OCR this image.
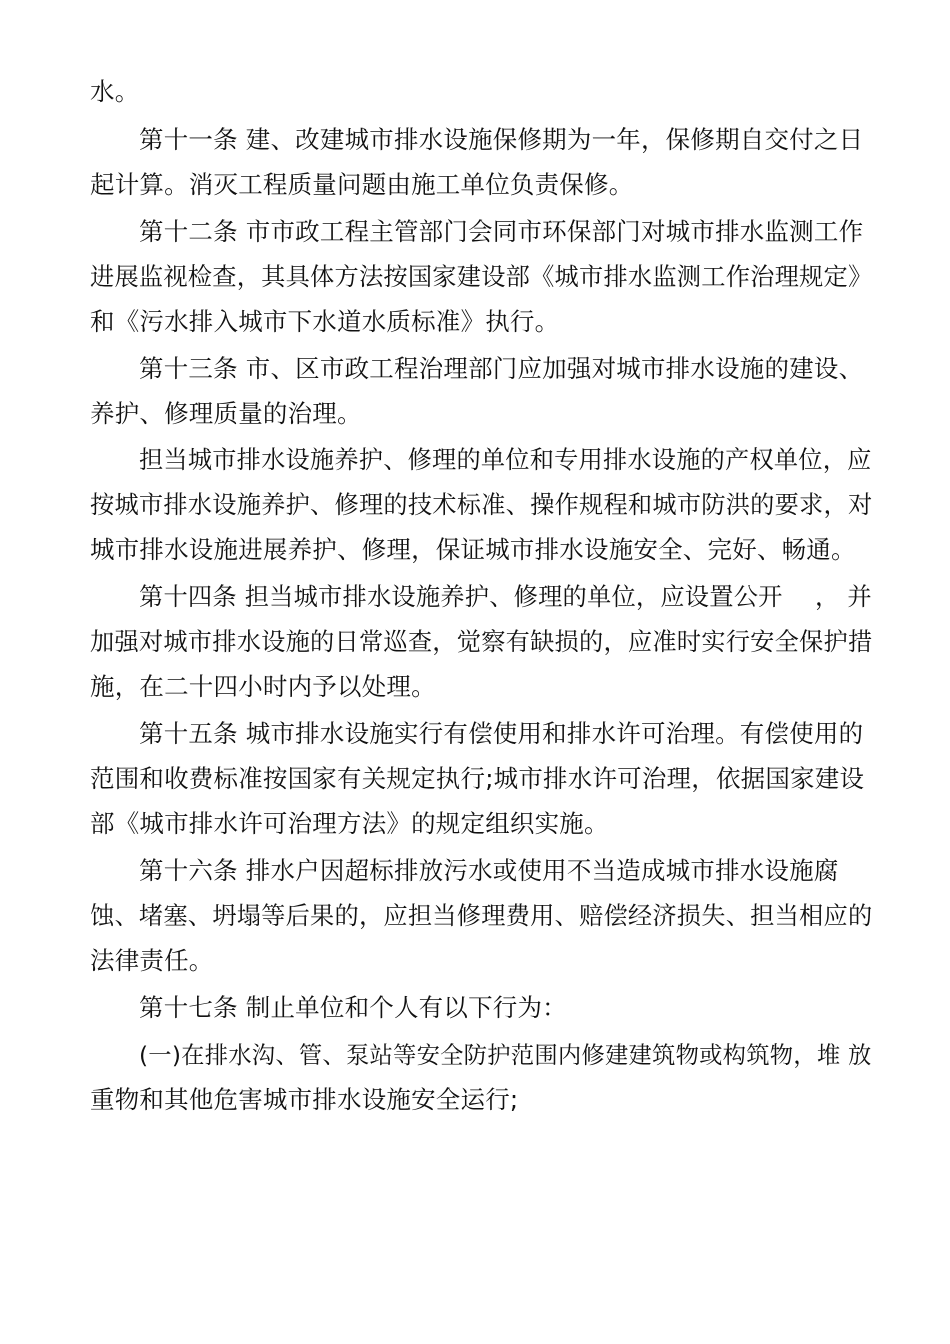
水。

第十一条 建、改建城市排水设施保修期为一年，保修期自交付之日

起计算。消灭工程质量问题由施工单位负责保修。

第十二条 市市政工程主管部门会同市环保部门对城市排水监测工作

进展监视检查，其具体方法按国家建设部《城市排水监测工作治理规定》

和《污水排入城市下水道水质标准》执行。

第十三条 市、区市政工程治理部门应加强对城市排水设施的建设、

养护、修理质量的治理。

担当城市排水设施养护、修理的单位和专用排水设施的产权单位，应

按城市排水设施养护、修理的技术标准、操作规程和城市防洪的要求，对

城市排水设施进展养护、修理，保证城市排水设施安全、完好、畅通。

第十四条 担当城市排水设施养护、修理的单位，应设置公开　 ， 并

加强对城市排水设施的日常巡查，觉察有缺损的，应准时实行安全保护措

施，在二十四小时内予以处理。

第十五条 城市排水设施实行有偿使用和排水许可治理。有偿使用的

范围和收费标准按国家有关规定执行;城市排水许可治理，依据国家建设

部《城市排水许可治理方法》的规定组织实施。

第十六条 排水户因超标排放污水或使用不当造成城市排水设施腐

蚀、堵塞、坍塌等后果的，应担当修理费用、赔偿经济损失、担当相应的

法律责任。

第十七条 制止单位和个人有以下行为：

(一)在排水沟、管、泵站等安全防护范围内修建建筑物或构筑物，堆 放

重物和其他危害城市排水设施安全运行;
